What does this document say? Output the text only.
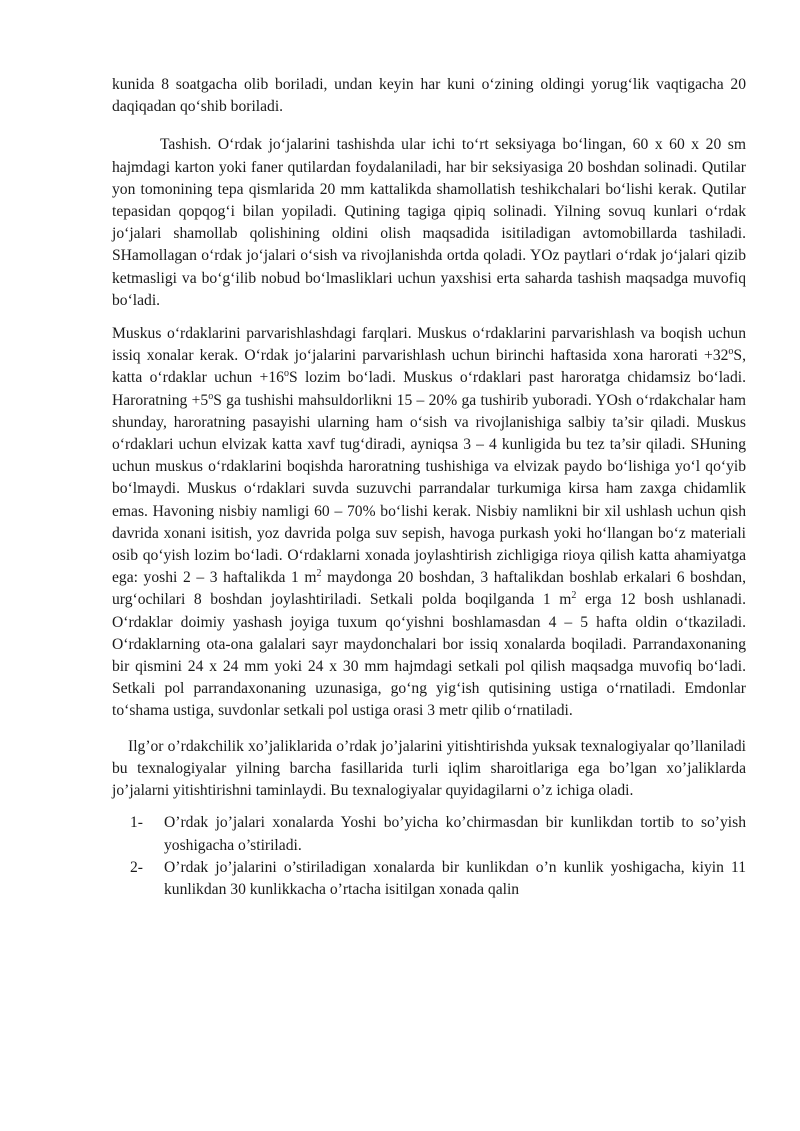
kunida 8 soatgacha olib boriladi, undan keyin har kuni o‘zining oldingi yorug‘lik vaqtigacha 20 daqiqadan qo‘shib boriladi.

Tashish. O‘rdak jo‘jalarini tashishda ular ichi to‘rt seksiyaga bo‘lingan, 60 x 60 x 20 sm hajmdagi karton yoki faner qutilardan foydalaniladi, har bir seksiyasiga 20 boshdan solinadi. Qutilar yon tomonining tepa qismlarida 20 mm kattalikda shamollatish teshikchalari bo‘lishi kerak. Qutilar tepasidan qopqog‘i bilan yopiladi. Qutining tagiga qipiq solinadi. Yilning sovuq kunlari o‘rdak jo‘jalari shamollab qolishining oldini olish maqsadida isitiladigan avtomobillarda tashiladi. SHamollagan o‘rdak jo‘jalari o‘sish va rivojlanishda ortda qoladi. YOz paytlari o‘rdak jo‘jalari qizib ketmasligi va bo‘g‘ilib nobud bo‘lmasliklari uchun yaxshisi erta saharda tashish maqsadga muvofiq bo‘ladi.

Muskus o‘rdaklarini parvarishlashdagi farqlari. Muskus o‘rdaklarini parvarishlash va boqish uchun issiq xonalar kerak. O‘rdak jo‘jalarini parvarishlash uchun birinchi haftasida xona harorati $+32^oS$, katta o‘rdaklar uchun $+16^oS$ lozim bo‘ladi. Muskus o‘rdaklari past haroratga chidamsiz bo‘ladi. Haroratning $+5^oS$ ga tushishi mahsuldorlikni 15 – 20% ga tushirib yuboradi. YOsh o‘rdakchalar ham shunday, haroratning pasayishi ularning ham o‘sish va rivojlanishiga salbiy ta’sir qiladi. Muskus o‘rdaklari uchun elvizak katta xavf tug‘diradi, ayniqsa 3 – 4 kunligida bu tez ta’sir qiladi. SHuning uchun muskus o‘rdaklarini boqishda haroratning tushishiga va elvizak paydo bo‘lishiga yo‘l qo‘yib bo‘lmaydi. Muskus o‘rdaklari suvda suzuvchi parrandalar turkumiga kirsa ham zaxga chidamlik emas. Havoning nisbiy namligi 60 – 70% bo‘lishi kerak. Nisbiy namlikni bir xil ushlash uchun qish davrida xonani isitish, yoz davrida polga suv sepish, havoga purkash yoki ho‘llangan bo‘z materiali osib qo‘yish lozim bo‘ladi. O‘rdaklarni xonada joylashtirish zichligiga rioya qilish katta ahamiyatga ega: yoshi 2 – 3 haftalikda 1 $m^2$ maydonga 20 boshdan, 3 haftalikdan boshlab erkalari 6 boshdan, urg‘ochilari 8 boshdan joylashtiriladi. Setkali polda boqilganda 1 $m^2$ erga 12 bosh ushlanadi. O‘rdaklar doimiy yashash joyiga tuxum qo‘yishni boshlamasdan 4 – 5 hafta oldin o‘tkaziladi. O‘rdaklarning ota-ona galalari sayr maydonchalari bor issiq xonalarda boqiladi. Parrandaxonaning bir qismini 24 x 24 mm yoki 24 x 30 mm hajmdagi setkali pol qilish maqsadga muvofiq bo‘ladi. Setkali pol parrandaxonaning uzunasiga, go‘ng yig‘ish qutisining ustiga o‘rnatiladi. Emdonlar to‘shama ustiga, suvdonlar setkali pol ustiga orasi 3 metr qilib o‘rnatiladi.

Ilg’or o’rdakchilik xo’jaliklarida o’rdak jo’jalarini yitishtirishda yuksak texnalogiyalar qo’llaniladi bu texnalogiyalar yilning barcha fasillarida turli iqlim sharoitlariga ega bo’lgan xo’jaliklarda jo’jalarni yitishtirishni taminlaydi. Bu texnalogiyalar quyidagilarni o’z ichiga oladi.

1- O’rdak jo’jalari xonalarda Yoshi bo’yicha ko’chirmasdan bir kunlikdan tortib to so’yish yoshigacha o’stiriladi.
2- O’rdak jo’jalarini o’stiriladigan xonalarda bir kunlikdan o’n kunlik yoshigacha, kiyin 11 kunlikdan 30 kunlikkacha o’rtacha isitilgan xonada qalin
